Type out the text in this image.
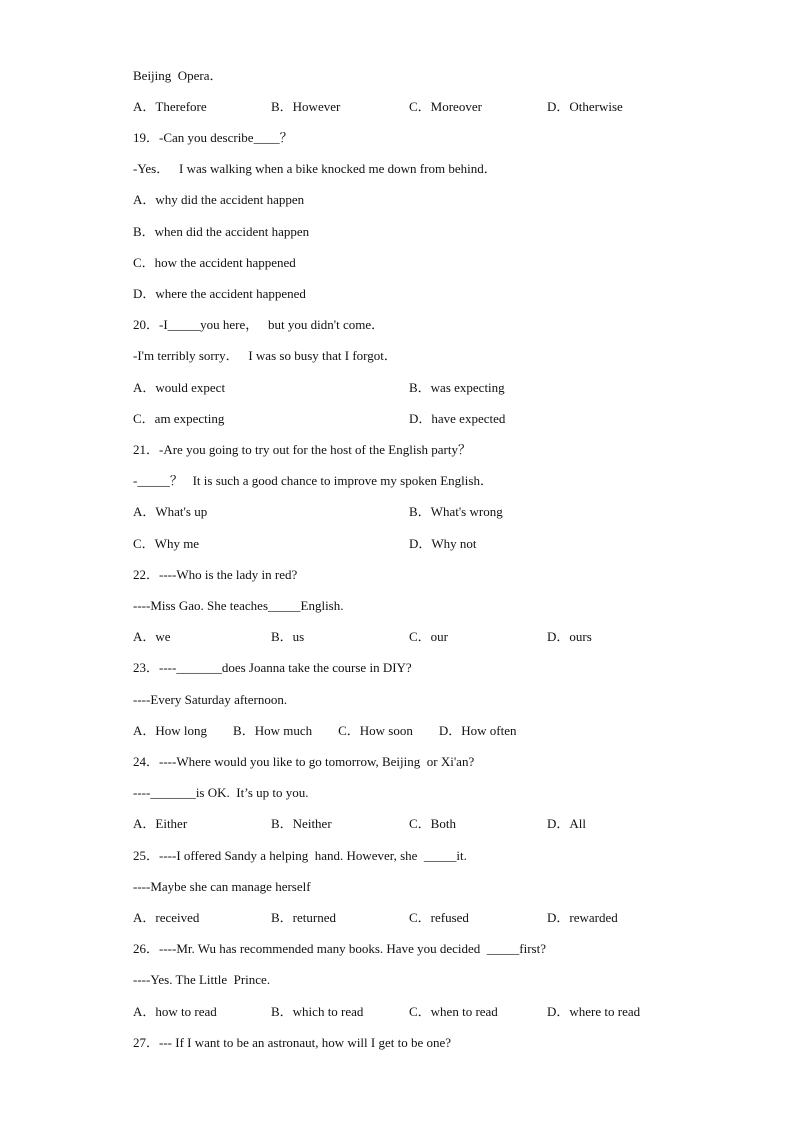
Beijing  Opera．
A．Therefore	B．However	C．Moreover	D．Otherwise
19．-Can you describe____？
-Yes．   I was walking when a bike knocked me down from behind．
A．why did the accident happen
B．when did the accident happen
C．how the accident happened
D．where the accident happened
20．-I_____you here，   but you didn't come．
-I'm terribly sorry．   I was so busy that I forgot．
A．would expect	B．was expecting
C．am expecting	D．have expected
21．-Are you going to try out for the host of the English party？
-_____？   It is such a good chance to improve my spoken English．
A．What's up	B．What's wrong
C．Why me	D．Why not
22．----Who is the lady in red?
----Miss Gao. She teaches_____English.
A．we	B．us	C．our	D．ours
23．----_______does Joanna take the course in DIY?
----Every Saturday afternoon.
A．How long        B．How much        C．How soon        D．How often
24．----Where would you like to go tomorrow, Beijing  or Xi'an?
----_______is OK.  It’s up to you.
A．Either	B．Neither	C．Both	D．All
25．----I offered Sandy a helping  hand. However, she  _____it.
----Maybe she can manage herself
A．received	B．returned	C．refused	D．rewarded
26．----Mr. Wu has recommended many books. Have you decided  _____first?
----Yes. The Little  Prince.
A．how to read	B．which to read	C．when to read	D．where to read
27．--- If I want to be an astronaut, how will I get to be one?
